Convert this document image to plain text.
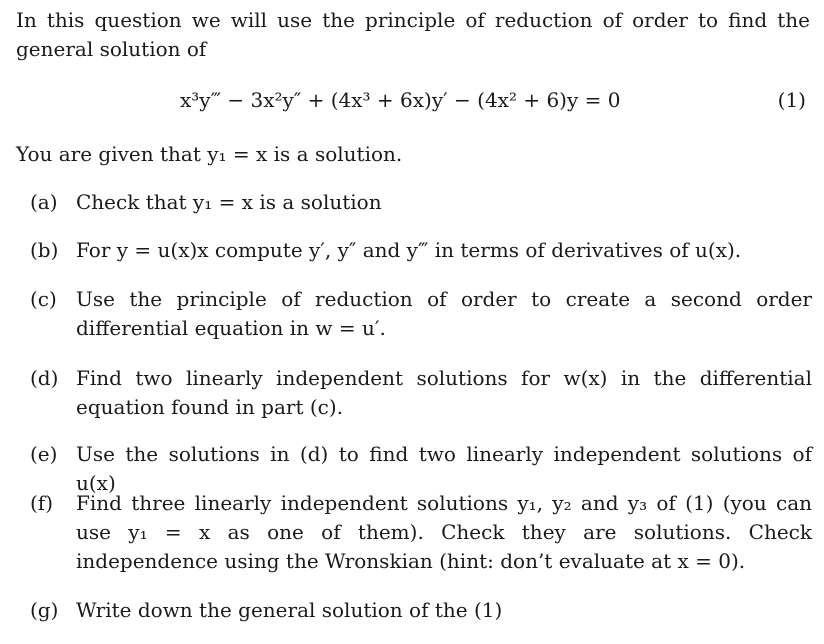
In this question we will use the principle of reduction of order to find the general solution of
x³y‴ − 3x²y″ + (4x³ + 6x)y′ − (4x² + 6)y = 0	(1)
You are given that y₁ = x is a solution.
(a) Check that y₁ = x is a solution
(b) For y = u(x)x compute y′, y″ and y‴ in terms of derivatives of u(x).
(c) Use the principle of reduction of order to create a second order differential equation in w = u′.
(d) Find two linearly independent solutions for w(x) in the differential equation found in part (c).
(e) Use the solutions in (d) to find two linearly independent solutions of u(x)
(f)	Find three linearly independent solutions y₁, y₂ and y₃ of (1) (you can use y₁ = x as one of them). Check they are solutions. Check independence using the Wronskian (hint: don’t evaluate at x = 0).
(g) Write down the general solution of the (1)
